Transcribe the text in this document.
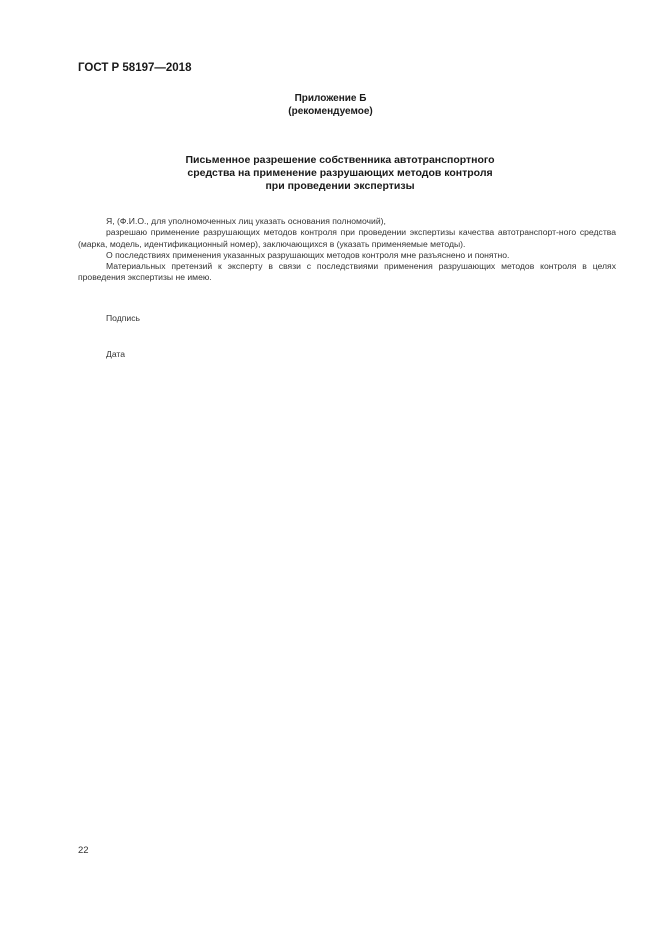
ГОСТ Р 58197—2018
Приложение Б
(рекомендуемое)
Письменное разрешение собственника автотранспортного
средства на применение разрушающих методов контроля
при проведении экспертизы

Я, (Ф.И.О., для уполномоченных лиц указать основания полномочий),

разрешаю применение разрушающих методов контроля при проведении экспертизы качества автотранспорт-ного средства (марка, модель, идентификационный номер), заключающихся в (указать применяемые методы).

О последствиях применения указанных разрушающих методов контроля мне разъяснено и понятно.

Материальных претензий к эксперту в связи с последствиями применения разрушающих методов контроля в целях проведения экспертизы не имею.

Подпись
Дата
22
